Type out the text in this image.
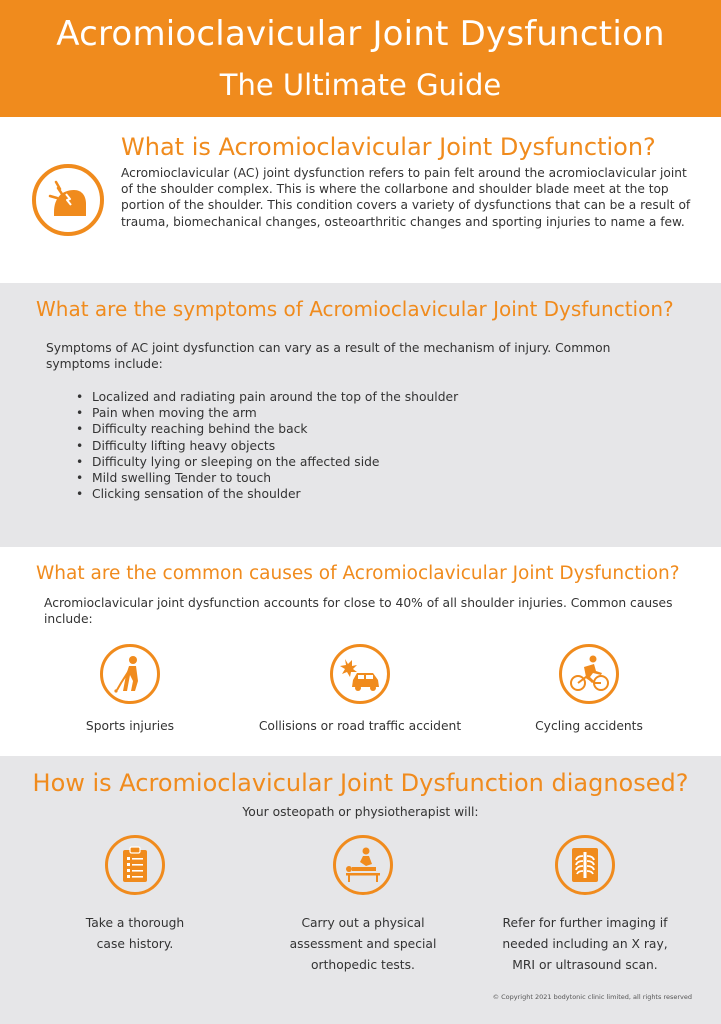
Acromioclavicular Joint Dysfunction
The Ultimate Guide
What is Acromioclavicular Joint Dysfunction?
Acromioclavicular (AC) joint dysfunction refers to pain felt around the acromioclavicular joint of the shoulder complex. This is where the collarbone and shoulder blade meet at the top portion of the shoulder. This condition covers a variety of dysfunctions that can be a result of trauma, biomechanical changes, osteoarthritic changes and sporting injuries to name a few.
What are the symptoms of Acromioclavicular Joint Dysfunction?
Symptoms of AC joint dysfunction can vary as a result of the mechanism of injury. Common symptoms include:
• Localized and radiating pain around the top of the shoulder
• Pain when moving the arm
• Difficulty reaching behind the back
• Difficulty lifting heavy objects
• Difficulty lying or sleeping on the affected side
• Mild swelling Tender to touch
• Clicking sensation of the shoulder
What are the common causes of Acromioclavicular Joint Dysfunction?
Acromioclavicular joint dysfunction accounts for close to 40% of all shoulder injuries. Common causes include:
Sports injuries	Collisions or road traffic accident	Cycling accidents
How is Acromioclavicular Joint Dysfunction diagnosed?
Your osteopath or physiotherapist will:
Take a thorough case history.
Carry out a physical assessment and special orthopedic tests.
Refer for further imaging if needed including an X ray, MRI or ultrasound scan.
© Copyright 2021 bodytonic clinic limited, all rights reserved
